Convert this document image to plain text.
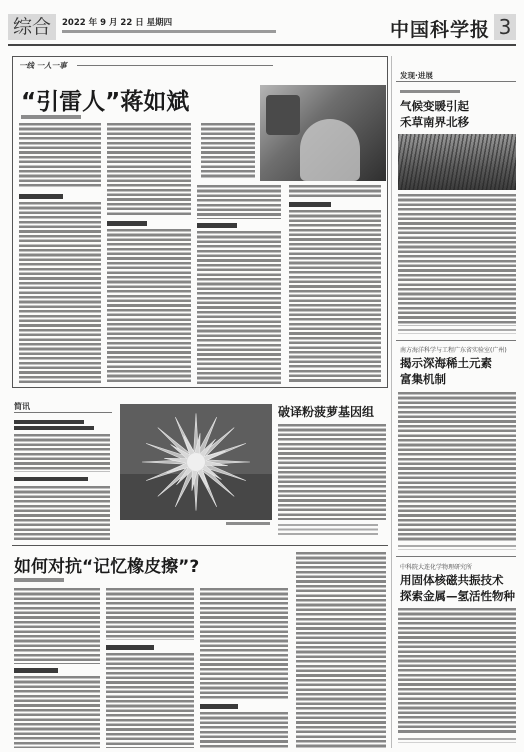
综合	2022 年 9 月 22 日 星期四	中国科学报 3
一线 一人一事
“引雷人”蒋如斌
简讯	破译粉菠萝基因组
如何对抗“记忆橡皮擦”?
发现·进展
气候变暖引起
禾草南界北移
南方海洋科学与工程广东省实验室(广州)
揭示深海稀土元素
富集机制
中科院大连化学物理研究所
用固体核磁共振技术
探索金属—氢活性物种
